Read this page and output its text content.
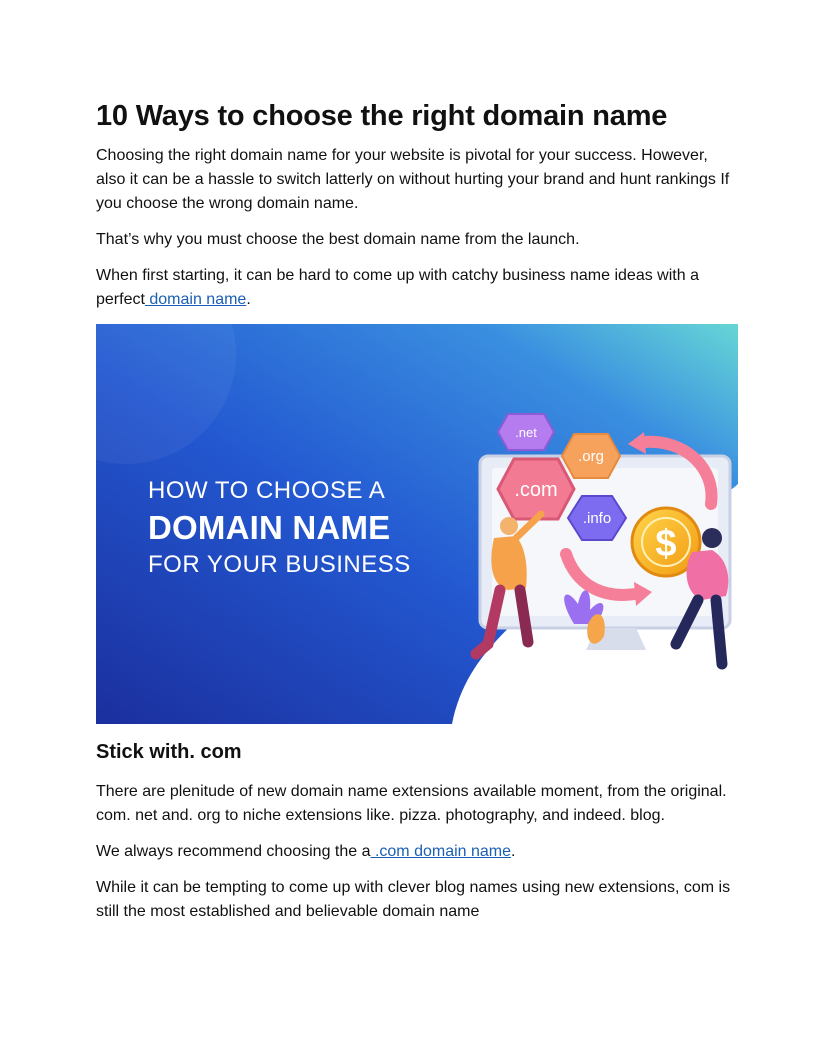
10 Ways to choose the right domain name

Choosing the right domain name for your website is pivotal for your success. However, also it can be a hassle to switch latterly on without hurting your brand and hunt rankings If you choose the wrong domain name.

That’s why you must choose the best domain name from the launch.

When first starting, it can be hard to come up with catchy business name ideas with a perfect domain name.

.net
.org
.com
.info
$
HOW TO CHOOSE A
DOMAIN NAME
FOR YOUR BUSINESS
Stick with. com

There are plenitude of new domain name extensions available moment, from the original. com. net and. org to niche extensions like. pizza. photography, and indeed. blog.

We always recommend choosing the a .com domain name.

While it can be tempting to come up with clever blog names using new extensions, com is still the most established and believable domain name
